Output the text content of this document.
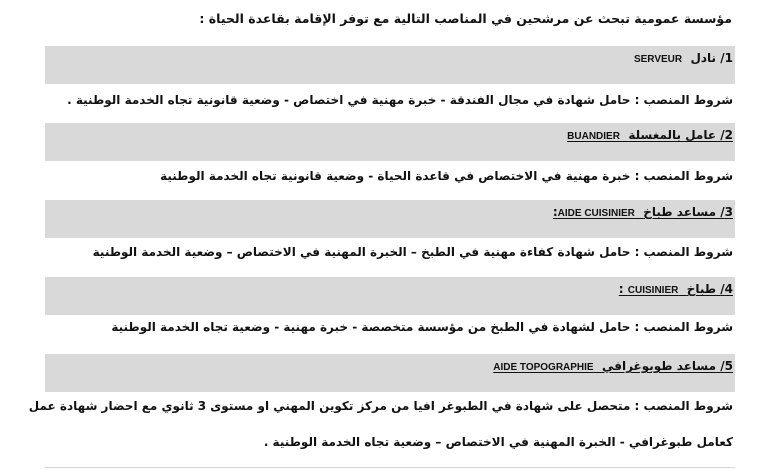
مؤسسة عمومية تبحث عن مرشحين في المناصب التالية مع توفر الإقامة بقاعدة الحياة :
1/ نادل  SERVEUR
شروط المنصب : حامل شهادة في مجال الفندقة - خبرة مهنية في اختصاص - وضعية قانونية تجاه الخدمة الوطنية .
2/ عامل بالمغسلة  BUANDIER
شروط المنصب : خبرة مهنية في الاختصاص في قاعدة الحياة - وضعية قانونية تجاه الخدمة الوطنية
3/ مساعد طباخ  AIDE CUISINIER:
شروط المنصب : حامل شهادة كفاءة مهنية في الطبخ – الخبرة المهنية في الاختصاص – وضعية الخدمة الوطنية
4/ طباخ  CUISINIER :
شروط المنصب : حامل لشهادة في الطبخ من مؤسسة متخصصة - خبرة مهنية - وضعية تجاه الخدمة الوطنية
5/ مساعد طوبوغرافي  AIDE TOPOGRAPHIE
شروط المنصب : متحصل على شهادة في الطبوغر افيا من مركز تكوين المهني او مستوى 3 ثانوي مع احضار شهادة عمل
كعامل طبوغرافي - الخبرة المهنية في الاختصاص – وضعية تجاه الخدمة الوطنية .
